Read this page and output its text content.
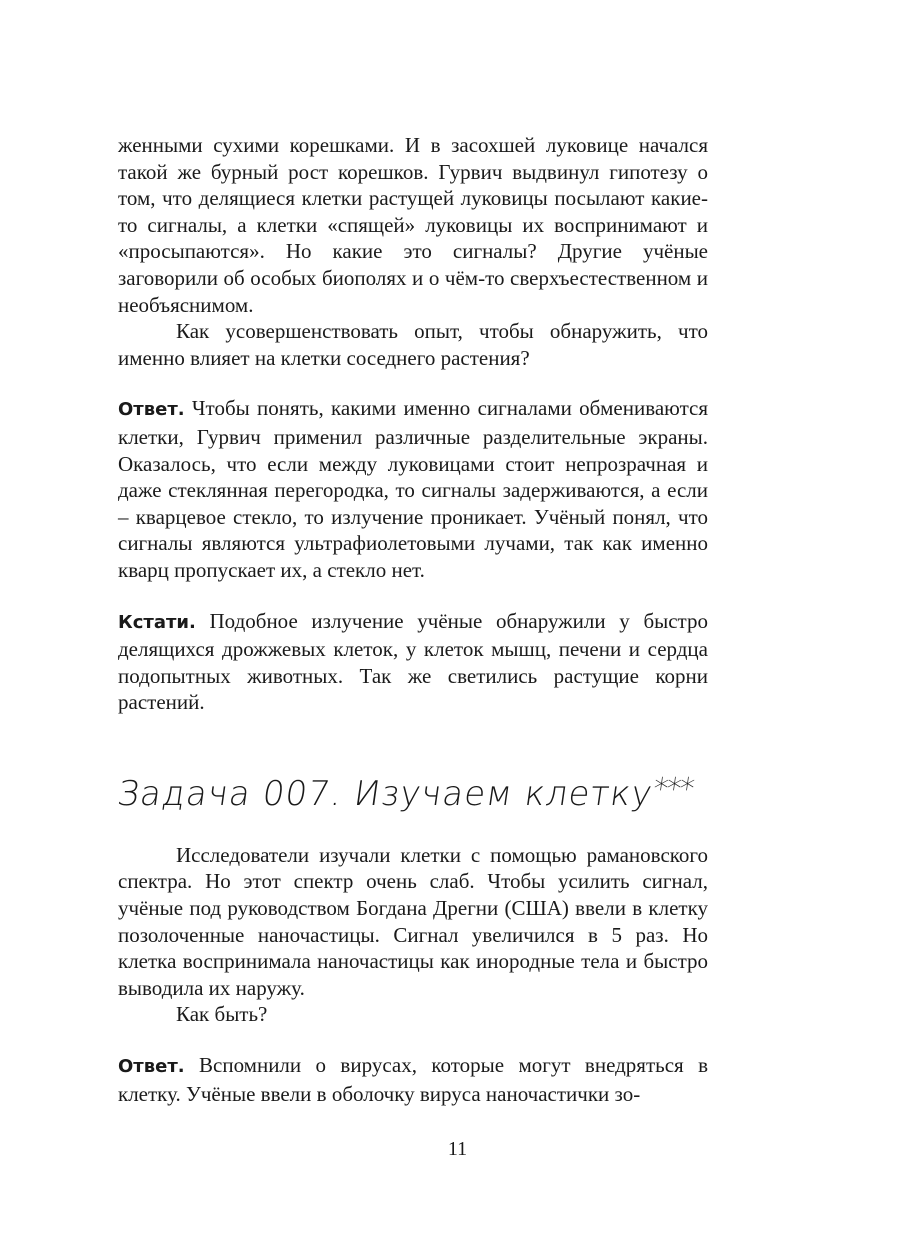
женными сухими корешками. И в засохшей луковице начался такой же бурный рост корешков. Гурвич выдвинул гипотезу о том, что делящиеся клетки растущей луковицы посылают какие-то сигналы, а клетки «спящей» луковицы их воспринимают и «просыпаются». Но какие это сигналы? Другие учёные заговорили об особых биополях и о чём-то сверхъестественном и необъяснимом.

Как усовершенствовать опыт, чтобы обнаружить, что именно влияет на клетки соседнего растения?

Ответ. Чтобы понять, какими именно сигналами обмениваются клетки, Гурвич применил различные разделительные экраны. Оказалось, что если между луковицами стоит непрозрачная и даже стеклянная перегородка, то сигналы задерживаются, а если – кварцевое стекло, то излучение проникает. Учёный понял, что сигналы являются ультрафиолетовыми лучами, так как именно кварц пропускает их, а стекло нет.

Кстати. Подобное излучение учёные обнаружили у быстро делящихся дрожжевых клеток, у клеток мышц, печени и сердца подопытных животных. Так же светились растущие корни растений.

Задача 007. Изучаем клетку***

Исследователи изучали клетки с помощью рамановского спектра. Но этот спектр очень слаб. Чтобы усилить сигнал, учёные под руководством Богдана Дрегни (США) ввели в клетку позолоченные наночастицы. Сигнал увеличился в 5 раз. Но клетка воспринимала наночастицы как инородные тела и быстро выводила их наружу.

Как быть?

Ответ. Вспомнили о вирусах, которые могут внедряться в клетку. Учёные ввели в оболочку вируса наночастички зо-

11
